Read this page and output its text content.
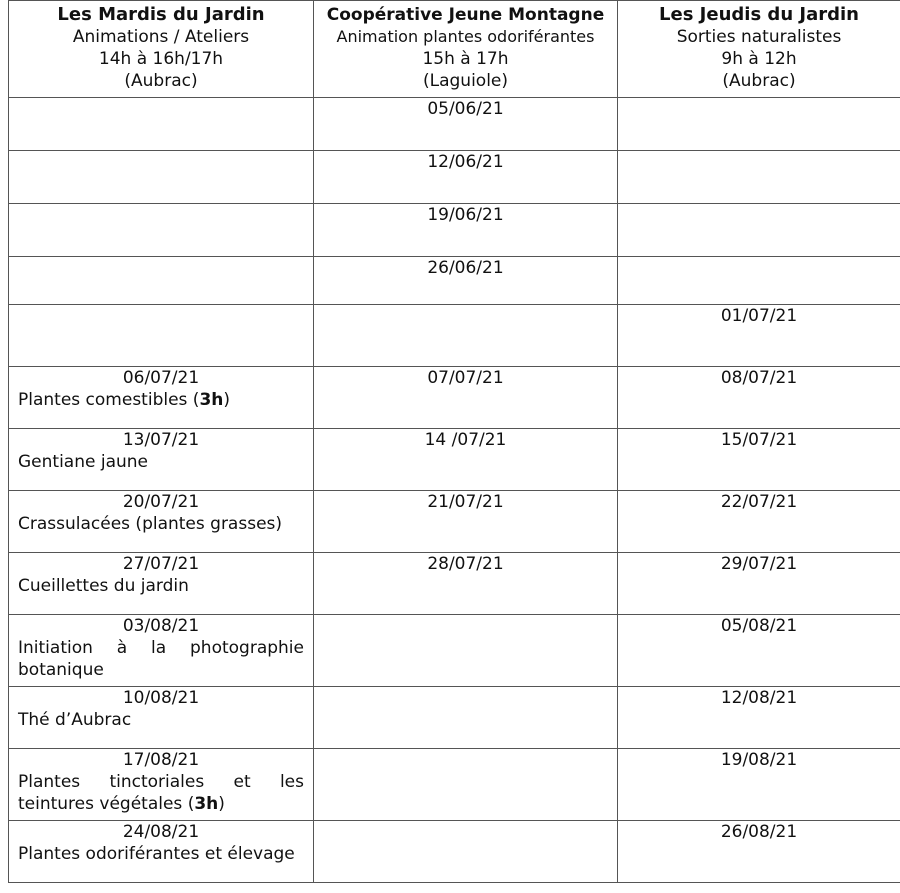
Les Mardis du Jardin
Animations / Ateliers
14h à 16h/17h
(Aubrac)	Coopérative Jeune Montagne
Animation plantes odoriférantes
15h à 17h
(Laguiole)	Les Jeudis du Jardin
Sorties naturalistes
9h à 12h
(Aubrac)

	05/06/21	

	12/06/21	

	19/06/21	

	26/06/21	

		01/07/21

06/07/21
Plantes comestibles (3h)	07/07/21	08/07/21

13/07/21
Gentiane jaune	14 /07/21	15/07/21

20/07/21
Crassulacées (plantes grasses)	21/07/21	22/07/21

27/07/21
Cueillettes du jardin	28/07/21	29/07/21

03/08/21
Initiation à la photographie botanique		05/08/21

10/08/21
Thé d’Aubrac		12/08/21

17/08/21
Plantes tinctoriales et les teintures végétales (3h)		19/08/21

24/08/21
Plantes odoriférantes et élevage		26/08/21
